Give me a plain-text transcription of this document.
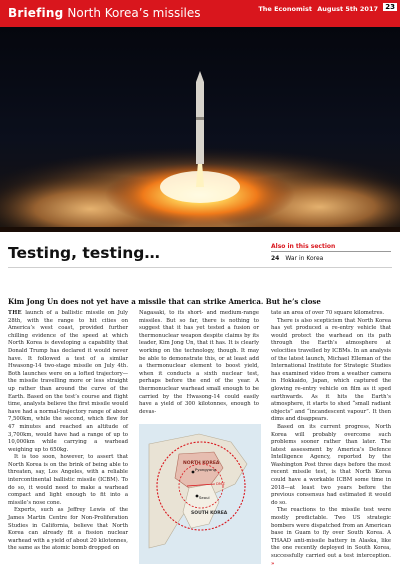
Briefing North Korea’s missiles	The Economist August 5th 2017 23
Testing, testing…	Also in this section
24 War in Korea
Kim Jong Un does not yet have a missile that can strike America. But he’s close

THE launch of a ballistic missile on July 28th, with the range to hit cities on America’s west coast, provided further chilling evidence of the speed at which North Korea is developing a capability that Donald Trump has declared it would never have. It followed a test of a similar Hwasong-14 two-stage missile on July 4th. Both launches were on a lofted trajectory—the missile travelling more or less straight up rather than around the curve of the Earth. Based on the test’s course and flight time, analysts believe the first missile would have had a normal-trajectory range of about 7,500km, while the second, which flew for 47 minutes and reached an altitude of 3,700km, would have had a range of up to 10,000km while carrying a warhead weighing up to 650kg.

It is too soon, however, to assert that North Korea is on the brink of being able to threaten, say, Los Angeles, with a reliable intercontinental ballistic missile (ICBM). To do so, it would need to make a warhead compact and light enough to fit into a missile’s nose cone.

Experts, such as Jeffrey Lewis of the James Martin Centre for Non-Proliferation Studies in California, believe that North Korea can already fit a fission nuclear warhead with a yield of about 20 kilotonnes, the same as the atomic bomb dropped on

Nagasaki, to its short- and medium-range missiles. But so far, there is nothing to suggest that it has yet tested a fusion or thermonuclear weapon despite claims by its leader, Kim Jong Un, that it has. It is clearly working on the technology, though. It may be able to demonstrate this, or at least add a thermonuclear element to boost yield, when it conducts a sixth nuclear test, perhaps before the end of the year. A thermonuclear warhead small enough to be carried by the Hwasong-14 could easily have a yield of 300 kilotonnes, enough to devas-

NORTH KOREA
Pyongyang
DMZ
Seoul
SOUTH KOREA

tate an area of over 70 square kilometres.

There is also scepticism that North Korea has yet produced a re-entry vehicle that would protect the warhead on its path through the Earth’s atmosphere at velocities travelled by ICBMs. In an analysis of the latest launch, Michael Elleman of the International Institute for Strategic Studies has examined video from a weather camera in Hokkaido, Japan, which captured the glowing re-entry vehicle on film as it sped earthwards. As it hits the Earth’s atmosphere, it starts to shed “small radiant objects” and “incandescent vapour”. It then dims and disappears.

Based on its current progress, North Korea will probably overcome such problems sooner rather than later. The latest assessment by America’s Defence Intelligence Agency, reported by the Washington Post three days before the most recent missile test, is that North Korea could have a workable ICBM some time in 2018—at least two years before the previous consensus had estimated it would do so.

The reactions to the missile test were mostly predictable. Two US strategic bombers were dispatched from an American base in Guam to fly over South Korea. A THAAD anti-missile battery in Alaska, like the one recently deployed in South Korea, successfully carried out a test interception. »
